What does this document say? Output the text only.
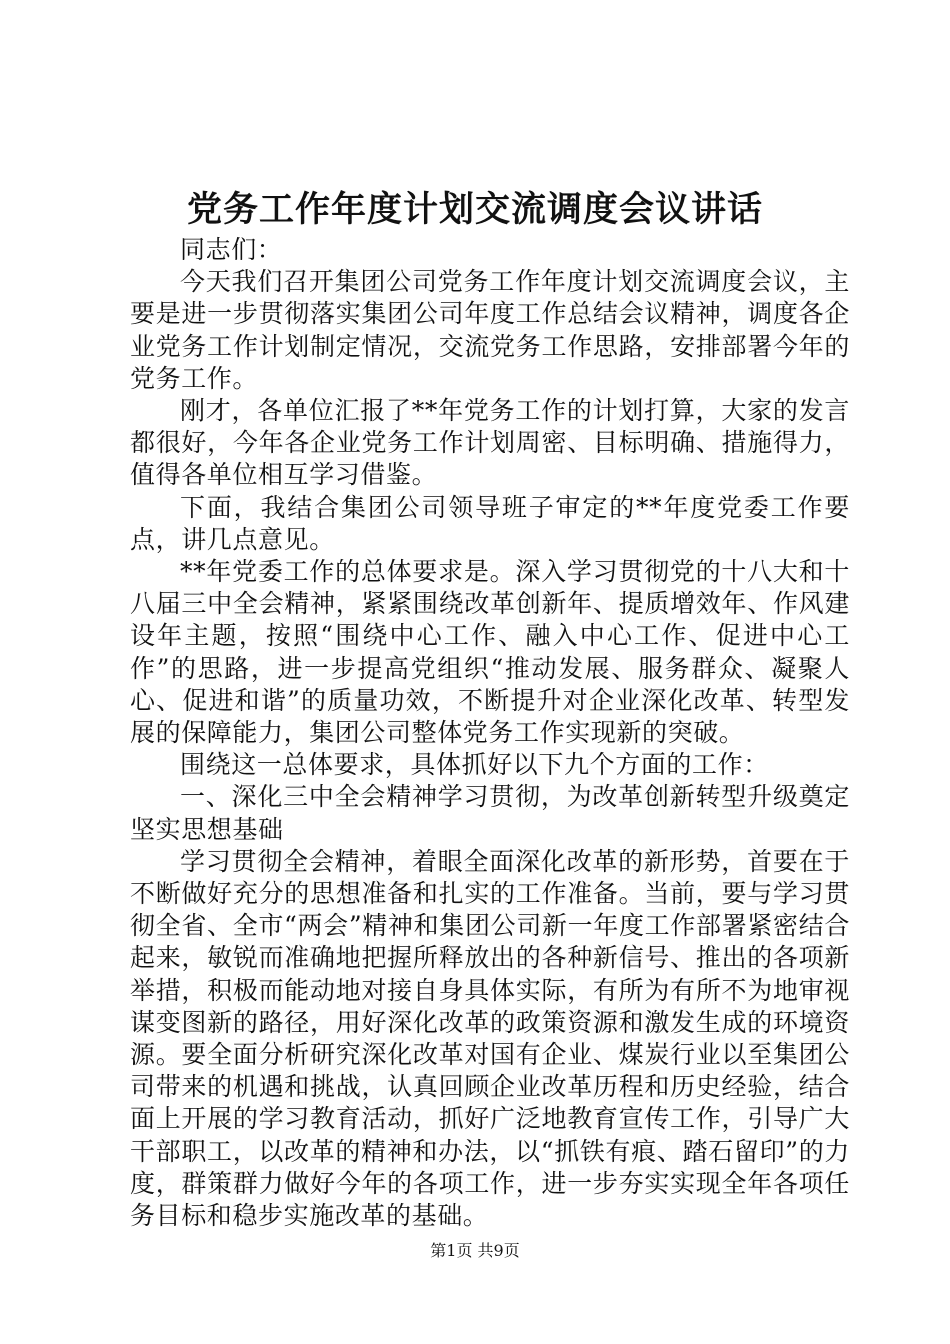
党务工作年度计划交流调度会议讲话

同志们：

今天我们召开集团公司党务工作年度计划交流调度会议，主要是进一步贯彻落实集团公司年度工作总结会议精神，调度各企业党务工作计划制定情况，交流党务工作思路，安排部署今年的党务工作。

刚才，各单位汇报了**年党务工作的计划打算，大家的发言都很好，今年各企业党务工作计划周密、目标明确、措施得力，值得各单位相互学习借鉴。

下面，我结合集团公司领导班子审定的**年度党委工作要点，讲几点意见。

**年党委工作的总体要求是。深入学习贯彻党的十八大和十八届三中全会精神，紧紧围绕改革创新年、提质增效年、作风建设年主题，按照“围绕中心工作、融入中心工作、促进中心工作”的思路，进一步提高党组织“推动发展、服务群众、凝聚人心、促进和谐”的质量功效，不断提升对企业深化改革、转型发展的保障能力，集团公司整体党务工作实现新的突破。

围绕这一总体要求，具体抓好以下九个方面的工作：

一、深化三中全会精神学习贯彻，为改革创新转型升级奠定坚实思想基础

学习贯彻全会精神，着眼全面深化改革的新形势，首要在于不断做好充分的思想准备和扎实的工作准备。当前，要与学习贯彻全省、全市“两会”精神和集团公司新一年度工作部署紧密结合起来，敏锐而准确地把握所释放出的各种新信号、推出的各项新举措，积极而能动地对接自身具体实际，有所为有所不为地审视谋变图新的路径，用好深化改革的政策资源和激发生成的环境资源。要全面分析研究深化改革对国有企业、煤炭行业以至集团公司带来的机遇和挑战，认真回顾企业改革历程和历史经验，结合面上开展的学习教育活动，抓好广泛地教育宣传工作，引导广大干部职工，以改革的精神和办法，以“抓铁有痕、踏石留印”的力度，群策群力做好今年的各项工作，进一步夯实实现全年各项任务目标和稳步实施改革的基础。

第1页 共9页
